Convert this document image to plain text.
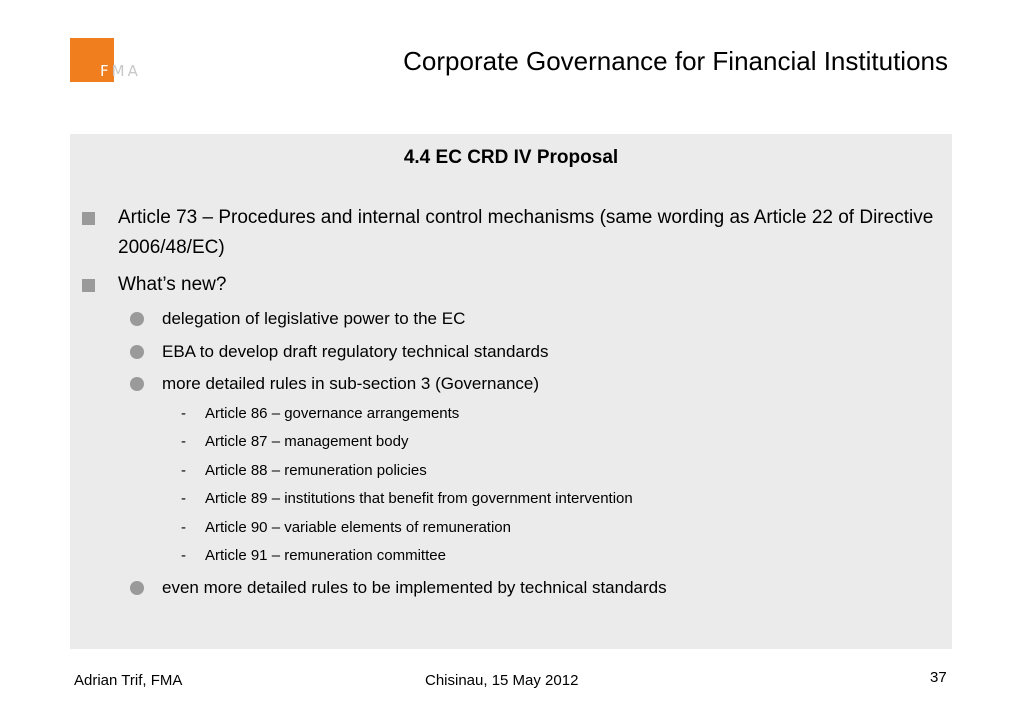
FMA	Corporate Governance for Financial Institutions
4.4 EC CRD IV Proposal
Article 73 – Procedures and internal control mechanisms (same wording as Article 22 of Directive 2006/48/EC)
What’s new?
delegation of legislative power to the EC
EBA to develop draft regulatory technical standards
more detailed rules in sub-section 3 (Governance)
- Article 86 – governance arrangements
- Article 87 – management body
- Article 88 – remuneration policies
- Article 89 – institutions that benefit from government intervention
- Article 90 – variable elements of remuneration
- Article 91 – remuneration committee
even more detailed rules to be implemented by technical standards
Adrian Trif, FMA	Chisinau, 15 May 2012	37
